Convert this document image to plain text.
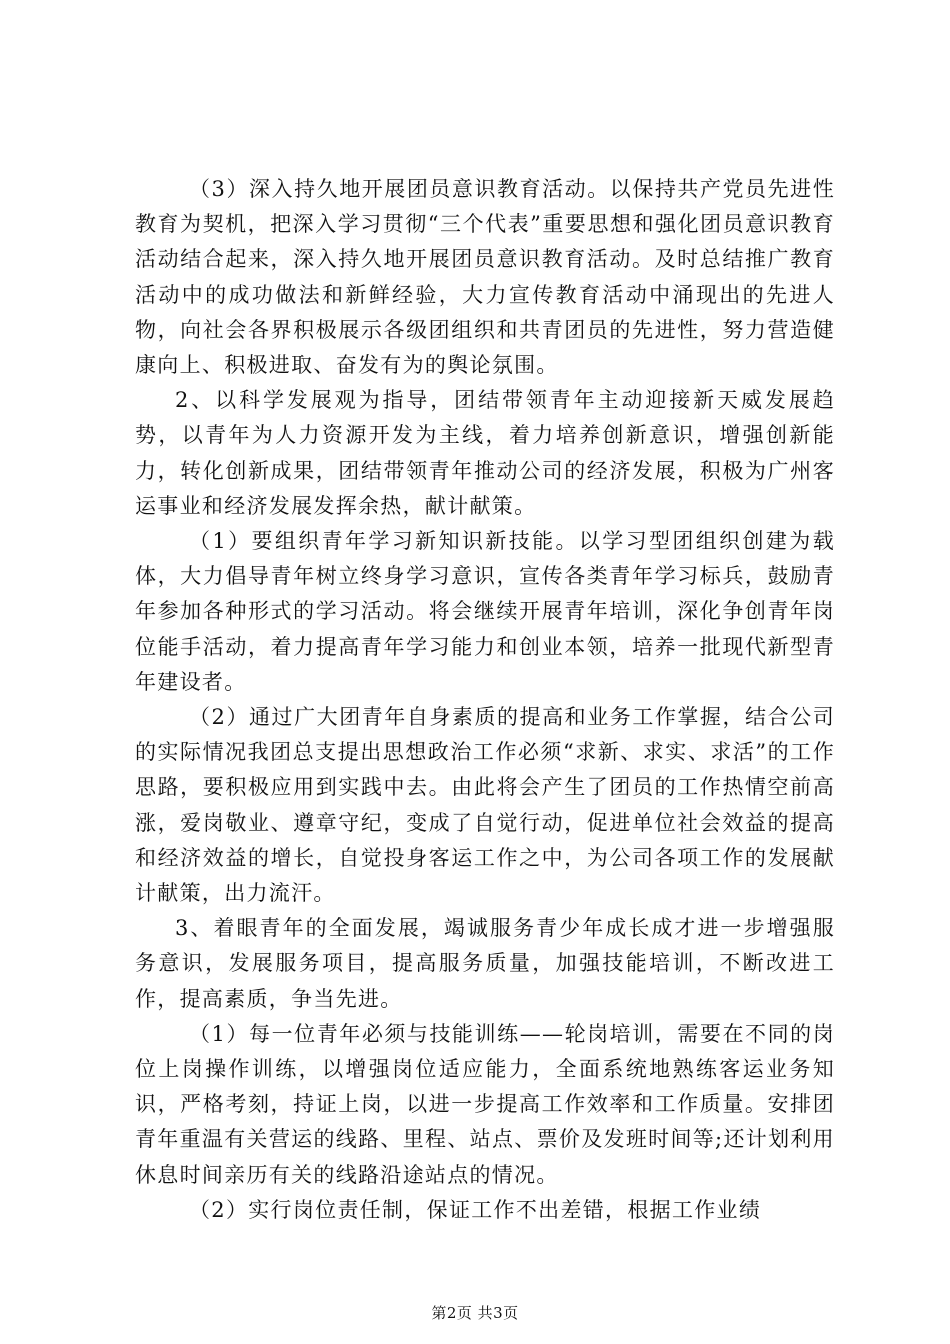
（3）深入持久地开展团员意识教育活动。以保持共产党员先进性教育为契机，把深入学习贯彻“三个代表”重要思想和强化团员意识教育活动结合起来，深入持久地开展团员意识教育活动。及时总结推广教育活动中的成功做法和新鲜经验，大力宣传教育活动中涌现出的先进人物，向社会各界积极展示各级团组织和共青团员的先进性，努力营造健康向上、积极进取、奋发有为的舆论氛围。

2、以科学发展观为指导，团结带领青年主动迎接新天威发展趋势，以青年为人力资源开发为主线，着力培养创新意识，增强创新能力，转化创新成果，团结带领青年推动公司的经济发展，积极为广州客运事业和经济发展发挥余热，献计献策。

（1）要组织青年学习新知识新技能。以学习型团组织创建为载体，大力倡导青年树立终身学习意识，宣传各类青年学习标兵，鼓励青年参加各种形式的学习活动。将会继续开展青年培训，深化争创青年岗位能手活动，着力提高青年学习能力和创业本领，培养一批现代新型青年建设者。

（2）通过广大团青年自身素质的提高和业务工作掌握，结合公司的实际情况我团总支提出思想政治工作必须“求新、求实、求活”的工作思路，要积极应用到实践中去。由此将会产生了团员的工作热情空前高涨，爱岗敬业、遵章守纪，变成了自觉行动，促进单位社会效益的提高和经济效益的增长，自觉投身客运工作之中，为公司各项工作的发展献计献策，出力流汗。

3、着眼青年的全面发展，竭诚服务青少年成长成才进一步增强服务意识，发展服务项目，提高服务质量，加强技能培训，不断改进工作，提高素质，争当先进。

（1）每一位青年必须与技能训练——轮岗培训，需要在不同的岗位上岗操作训练，以增强岗位适应能力，全面系统地熟练客运业务知识，严格考刻，持证上岗，以进一步提高工作效率和工作质量。安排团青年重温有关营运的线路、里程、站点、票价及发班时间等;还计划利用休息时间亲历有关的线路沿途站点的情况。

（2）实行岗位责任制，保证工作不出差错，根据工作业绩

第2页 共3页
